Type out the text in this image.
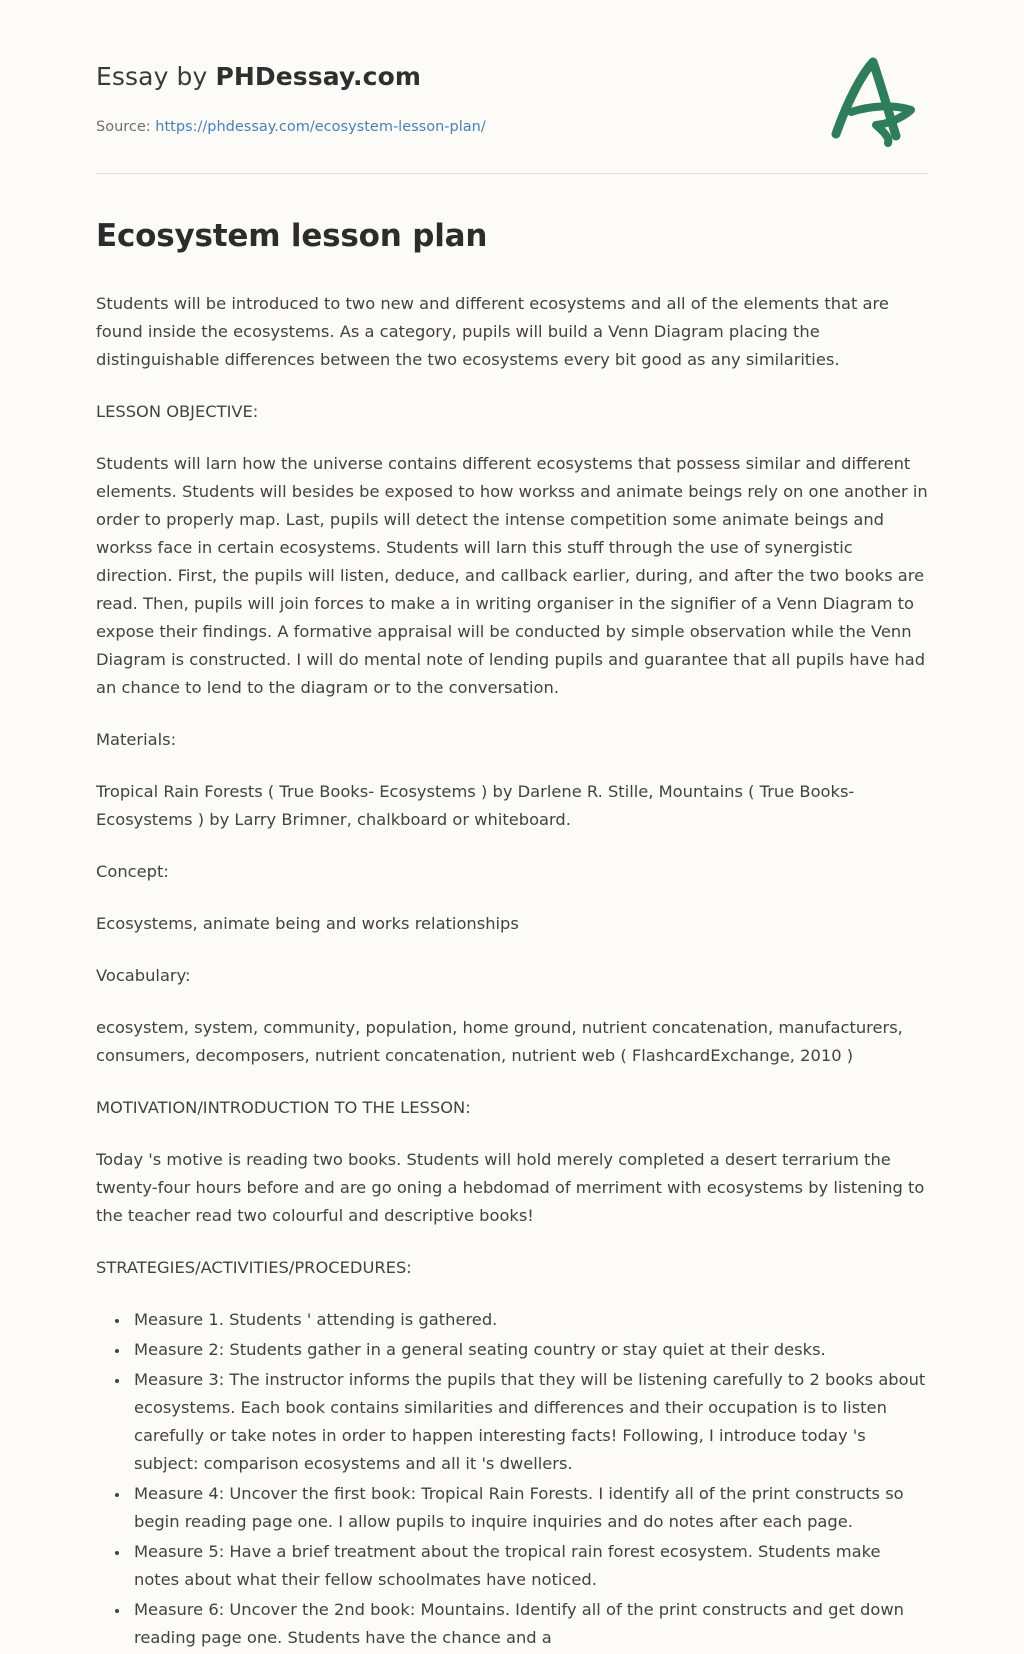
Essay by PHDessay.com
Source: https://phdessay.com/ecosystem-lesson-plan/
Ecosystem lesson plan

Students will be introduced to two new and different ecosystems and all of the elements that are found inside the ecosystems. As a category, pupils will build a Venn Diagram placing the distinguishable differences between the two ecosystems every bit good as any similarities.

LESSON OBJECTIVE:

Students will larn how the universe contains different ecosystems that possess similar and different elements. Students will besides be exposed to how workss and animate beings rely on one another in order to properly map. Last, pupils will detect the intense competition some animate beings and workss face in certain ecosystems. Students will larn this stuff through the use of synergistic direction. First, the pupils will listen, deduce, and callback earlier, during, and after the two books are read. Then, pupils will join forces to make a in writing organiser in the signifier of a Venn Diagram to expose their findings. A formative appraisal will be conducted by simple observation while the Venn Diagram is constructed. I will do mental note of lending pupils and guarantee that all pupils have had an chance to lend to the diagram or to the conversation.

Materials:

Tropical Rain Forests ( True Books- Ecosystems ) by Darlene R. Stille, Mountains ( True Books-Ecosystems ) by Larry Brimner, chalkboard or whiteboard.

Concept:

Ecosystems, animate being and works relationships

Vocabulary:

ecosystem, system, community, population, home ground, nutrient concatenation, manufacturers, consumers, decomposers, nutrient concatenation, nutrient web ( FlashcardExchange, 2010 )

MOTIVATION/INTRODUCTION TO THE LESSON:

Today 's motive is reading two books. Students will hold merely completed a desert terrarium the twenty-four hours before and are go oning a hebdomad of merriment with ecosystems by listening to the teacher read two colourful and descriptive books!

STRATEGIES/ACTIVITIES/PROCEDURES:

• Measure 1. Students ' attending is gathered.
• Measure 2: Students gather in a general seating country or stay quiet at their desks.
• Measure 3: The instructor informs the pupils that they will be listening carefully to 2 books about ecosystems. Each book contains similarities and differences and their occupation is to listen carefully or take notes in order to happen interesting facts! Following, I introduce today 's subject: comparison ecosystems and all it 's dwellers.
• Measure 4: Uncover the first book: Tropical Rain Forests. I identify all of the print constructs so begin reading page one. I allow pupils to inquire inquiries and do notes after each page.
• Measure 5: Have a brief treatment about the tropical rain forest ecosystem. Students make notes about what their fellow schoolmates have noticed.
• Measure 6: Uncover the 2nd book: Mountains. Identify all of the print constructs and get down reading page one. Students have the chance and a
